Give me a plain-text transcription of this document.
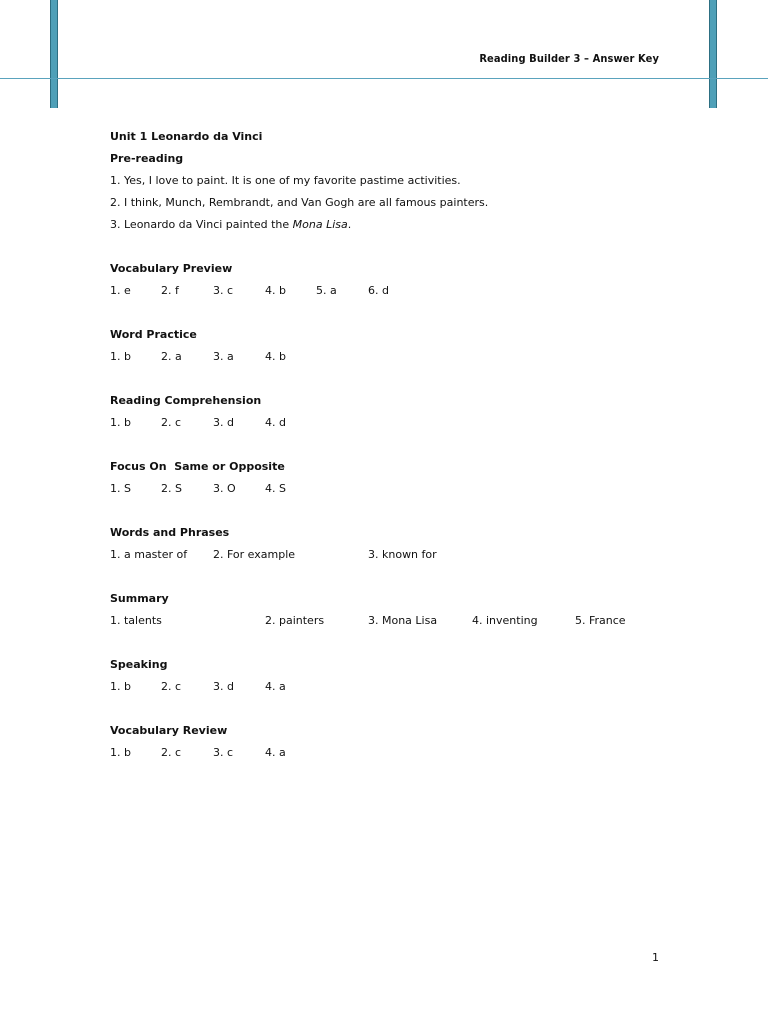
Reading Builder 3 – Answer Key
Unit 1 Leonardo da Vinci
Pre-reading
1. Yes, I love to paint. It is one of my favorite pastime activities.
2. I think, Munch, Rembrandt, and Van Gogh are all famous painters.
3. Leonardo da Vinci painted the Mona Lisa.
Vocabulary Preview
1. e	2. f	3. c	4. b	5. a	6. d
Word Practice
1. b	2. a	3. a	4. b
Reading Comprehension
1. b	2. c	3. d	4. d
Focus On  Same or Opposite
1. S	2. S	3. O	4. S
Words and Phrases
1. a master of 2. For example	3. known for
Summary
1. talents	2. painters	3. Mona Lisa	4. inventing	5. France
Speaking
1. b	2. c	3. d	4. a
Vocabulary Review
1. b	2. c	3. c	4. a
1
